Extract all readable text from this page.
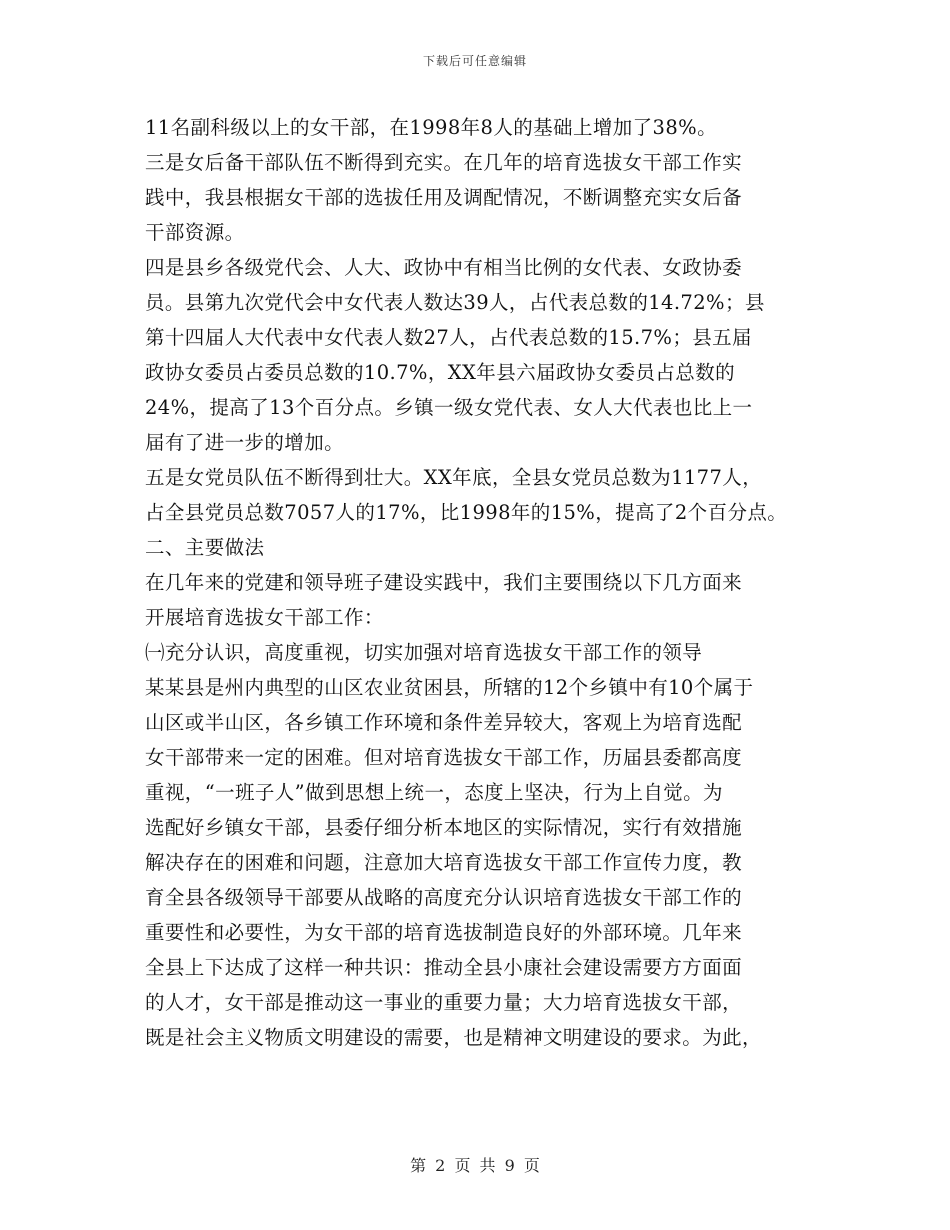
下载后可任意编辑
11名副科级以上的女干部，在1998年8人的基础上增加了38%。
三是女后备干部队伍不断得到充实。在几年的培育选拔女干部工作实
践中，我县根据女干部的选拔任用及调配情况，不断调整充实女后备
干部资源。
四是县乡各级党代会、人大、政协中有相当比例的女代表、女政协委
员。县第九次党代会中女代表人数达39人，占代表总数的14.72%；县
第十四届人大代表中女代表人数27人，占代表总数的15.7%；县五届
政协女委员占委员总数的10.7%，XX年县六届政协女委员占总数的
24%，提高了13个百分点。乡镇一级女党代表、女人大代表也比上一
届有了进一步的增加。
五是女党员队伍不断得到壮大。XX年底，全县女党员总数为1177人，
占全县党员总数7057人的17%，比1998年的15%，提高了2个百分点。
二、主要做法
在几年来的党建和领导班子建设实践中，我们主要围绕以下几方面来
开展培育选拔女干部工作：
㈠充分认识，高度重视，切实加强对培育选拔女干部工作的领导
某某县是州内典型的山区农业贫困县，所辖的12个乡镇中有10个属于
山区或半山区，各乡镇工作环境和条件差异较大，客观上为培育选配
女干部带来一定的困难。但对培育选拔女干部工作，历届县委都高度
重视，“一班子人”做到思想上统一，态度上坚决，行为上自觉。为
选配好乡镇女干部，县委仔细分析本地区的实际情况，实行有效措施
解决存在的困难和问题，注意加大培育选拔女干部工作宣传力度，教
育全县各级领导干部要从战略的高度充分认识培育选拔女干部工作的
重要性和必要性，为女干部的培育选拔制造良好的外部环境。几年来
全县上下达成了这样一种共识：推动全县小康社会建设需要方方面面
的人才，女干部是推动这一事业的重要力量；大力培育选拔女干部，
既是社会主义物质文明建设的需要，也是精神文明建设的要求。为此，
第 2 页 共 9 页
